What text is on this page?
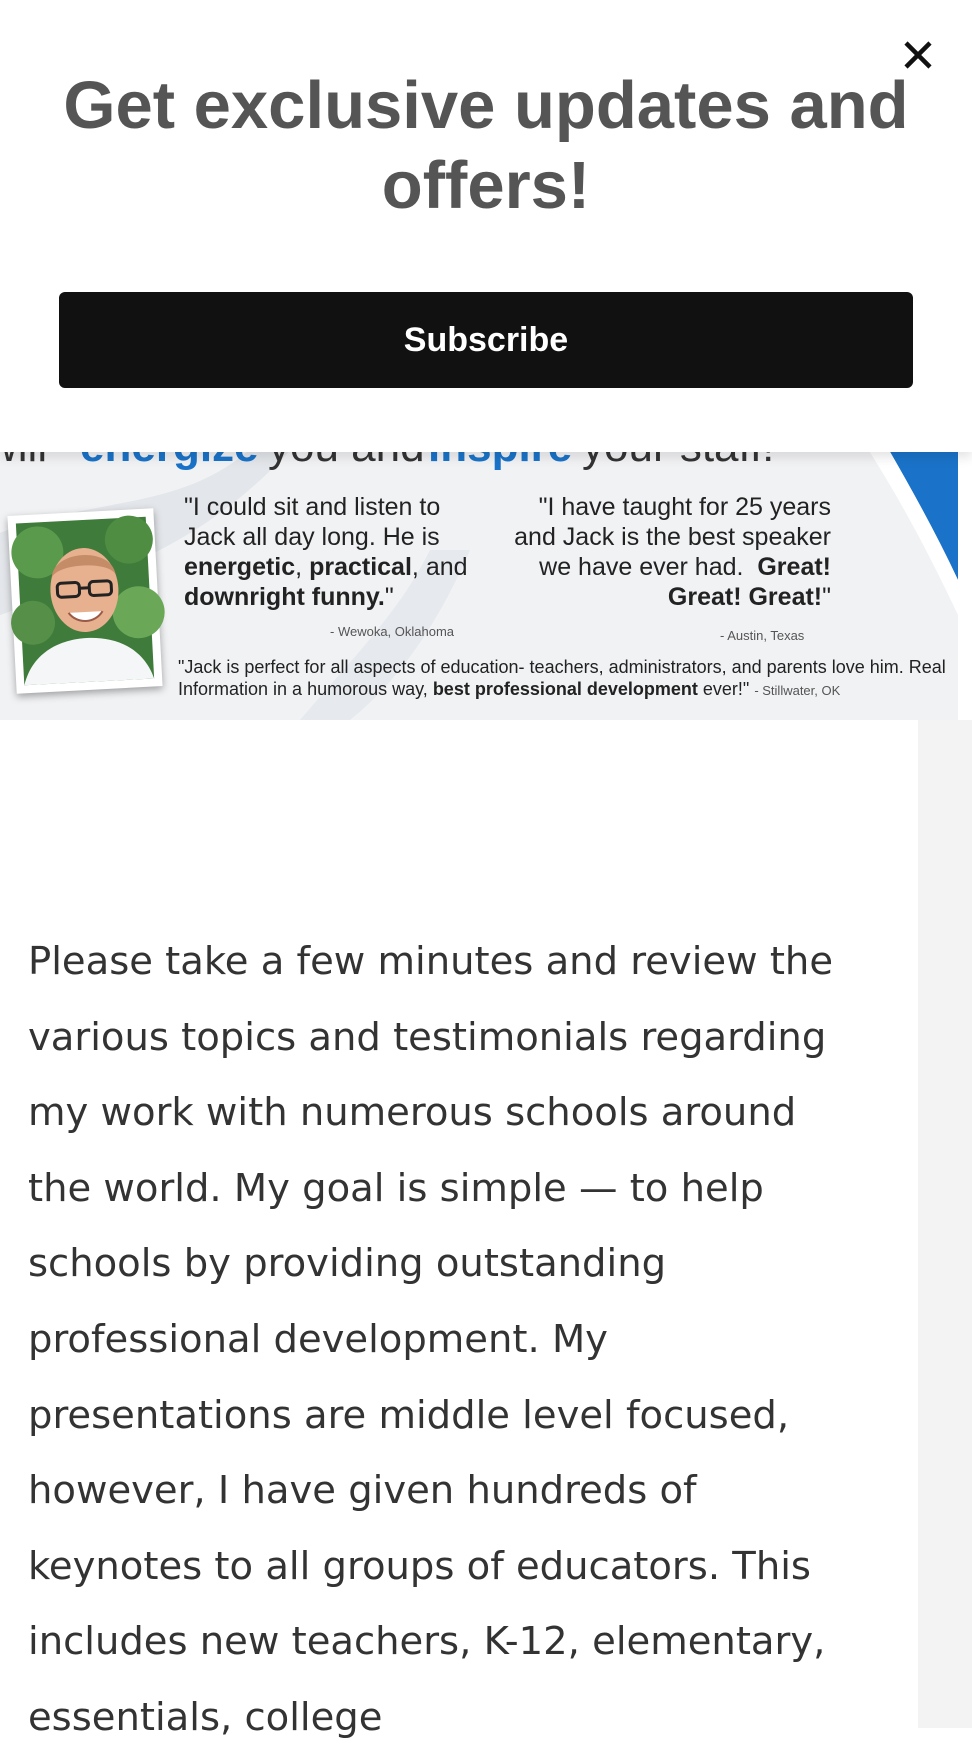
Get exclusive updates and offers!
Subscribe

"I could sit and listen to
Jack all day long. He is
energetic, practical, and
downright funny."

- Wewoka, Oklahoma

"I have taught for 25 years
and Jack is the best speaker
we have ever had. Great!
Great! Great!"

- Austin, Texas

"Jack is perfect for all aspects of education- teachers, administrators, and parents love him. Real Information in a humorous way, best professional development ever!" - Stillwater, OK

Please take a few minutes and review the various topics and testimonials regarding my work with numerous schools around the world. My goal is simple — to help schools by providing outstanding professional development. My presentations are middle level focused, however, I have given hundreds of keynotes to all groups of educators. This includes new teachers, K-12, elementary, essentials, college
